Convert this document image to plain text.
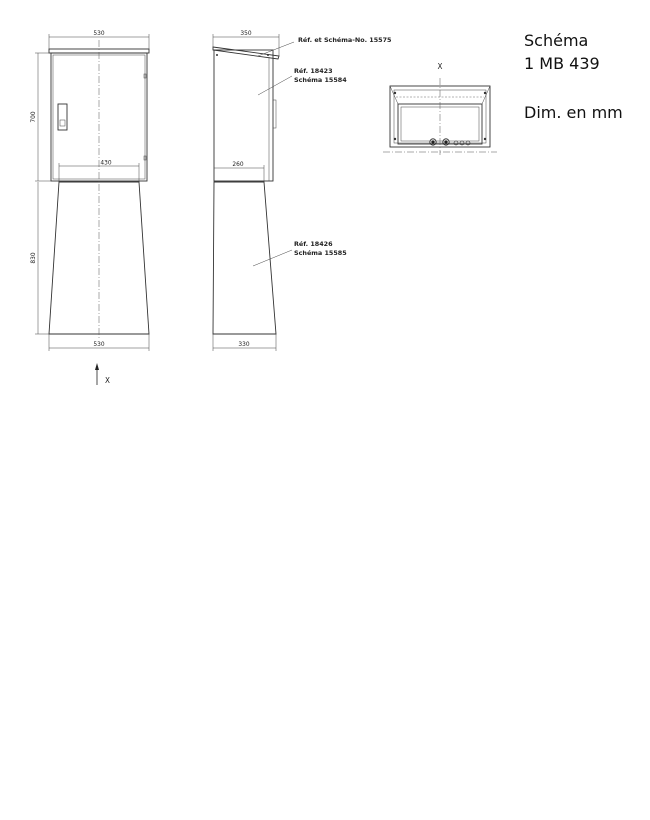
530
430
700
830
530
X
350
260
330
Réf. et Schéma-No. 15575
Réf. 18423
Schéma 15584
Réf. 18426
Schéma 15585
X
Schéma
1 MB 439
Dim. en mm
